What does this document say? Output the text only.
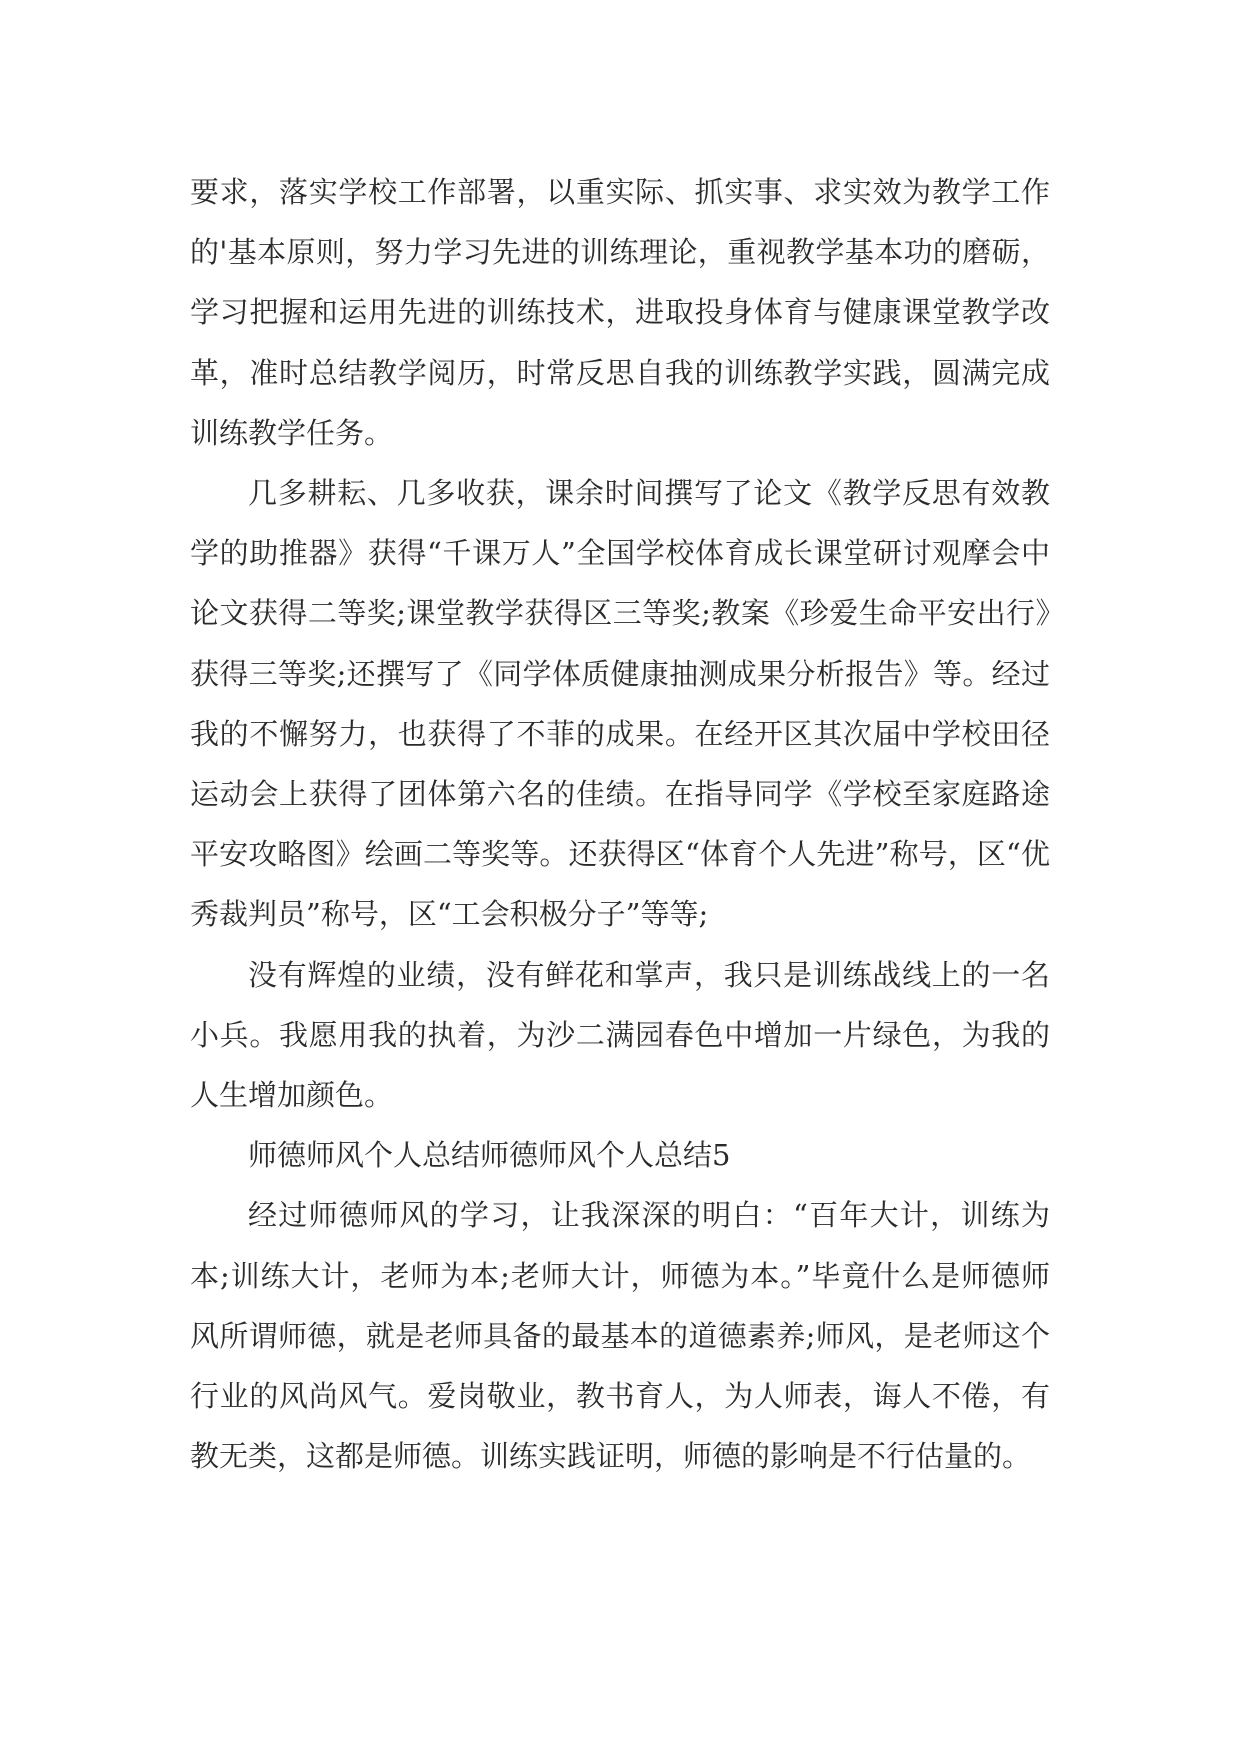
要求，落实学校工作部署，以重实际、抓实事、求实效为教学工作的'基本原则，努力学习先进的训练理论，重视教学基本功的磨砺，学习把握和运用先进的训练技术，进取投身体育与健康课堂教学改革，准时总结教学阅历，时常反思自我的训练教学实践，圆满完成训练教学任务。

几多耕耘、几多收获，课余时间撰写了论文《教学反思有效教学的助推器》获得“千课万人”全国学校体育成长课堂研讨观摩会中论文获得二等奖;课堂教学获得区三等奖;教案《珍爱生命平安出行》获得三等奖;还撰写了《同学体质健康抽测成果分析报告》等。经过我的不懈努力，也获得了不菲的成果。在经开区其次届中学校田径运动会上获得了团体第六名的佳绩。在指导同学《学校至家庭路途平安攻略图》绘画二等奖等。还获得区“体育个人先进”称号，区“优秀裁判员”称号，区“工会积极分子”等等;

没有辉煌的业绩，没有鲜花和掌声，我只是训练战线上的一名小兵。我愿用我的执着，为沙二满园春色中增加一片绿色，为我的人生增加颜色。

师德师风个人总结师德师风个人总结5

经过师德师风的学习，让我深深的明白：“百年大计，训练为本;训练大计，老师为本;老师大计，师德为本。”毕竟什么是师德师风所谓师德，就是老师具备的最基本的道德素养;师风，是老师这个行业的风尚风气。爱岗敬业，教书育人，为人师表，诲人不倦，有教无类，这都是师德。训练实践证明，师德的影响是不行估量的。
